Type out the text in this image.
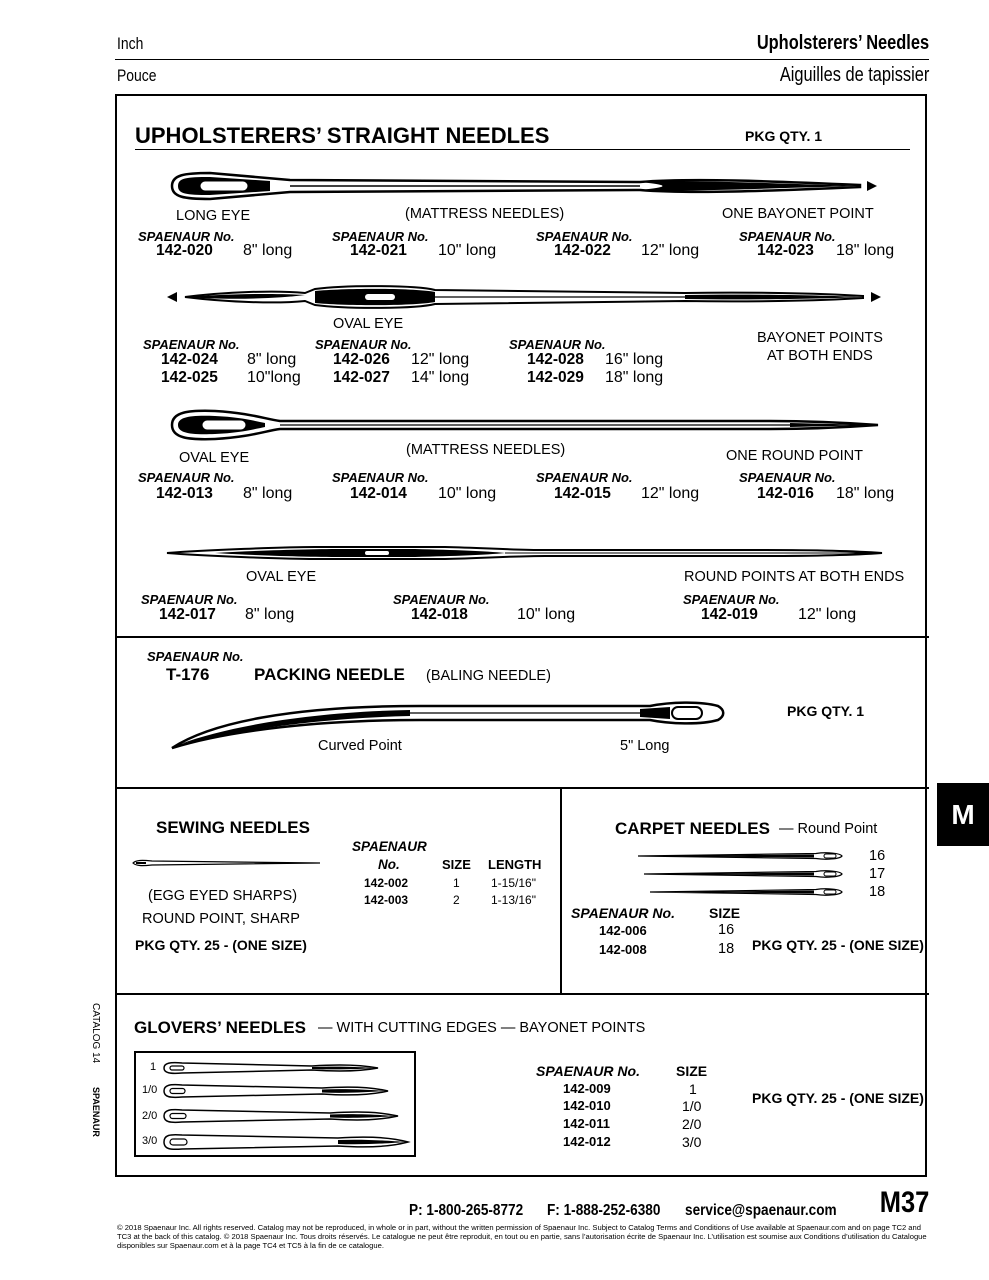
Inch
Pouce
Upholsterers’ Needles
Aiguilles de tapissier
UPHOLSTERERS’ STRAIGHT NEEDLES	PKG QTY. 1
LONG EYE	(MATTRESS NEEDLES)	ONE BAYONET POINT
SPAENAUR No.
142-020 8" long
SPAENAUR No.
142-021 10" long
SPAENAUR No.
142-022 12" long
SPAENAUR No.
142-023 18" long
OVAL EYE
BAYONET POINTS
AT BOTH ENDS
SPAENAUR No.
142-024 8" long
142-025 10"long
SPAENAUR No.
142-026 12" long
142-027 14" long
SPAENAUR No.
142-028 16" long
142-029 18" long
OVAL EYE	(MATTRESS NEEDLES)	ONE ROUND POINT
SPAENAUR No.
142-013 8" long
SPAENAUR No.
142-014 10" long
SPAENAUR No.
142-015 12" long
SPAENAUR No.
142-016 18" long
OVAL EYE	ROUND POINTS AT BOTH ENDS
SPAENAUR No.
142-017 8" long
SPAENAUR No.
142-018	10" long
SPAENAUR No.
142-019	12" long
SPAENAUR No.
T-176	PACKING NEEDLE (BALING NEEDLE)
PKG QTY. 1
Curved Point	5" Long
SEWING NEEDLES
SPAENAUR
No.	SIZE LENGTH
142-002	1	1-15/16"
142-003	2	1-13/16"
(EGG EYED SHARPS)
ROUND POINT, SHARP
PKG QTY. 25 - (ONE SIZE)
CARPET NEEDLES — Round Point
16
17
18
SPAENAUR No. SIZE
142-006	16
142-008	18 PKG QTY. 25 - (ONE SIZE)
GLOVERS’ NEEDLES — WITH CUTTING EDGES — BAYONET POINTS
1
1/0
2/0
3/0
SPAENAUR No.	SIZE
142-009	1
142-010	1/0
142-011	2/0
142-012	3/0
PKG QTY. 25 - (ONE SIZE)
M
CATALOG 14
SPAENAUR
P: 1-800-265-8772 F: 1-888-252-6380 service@spaenaur.com M37
© 2018 Spaenaur Inc. All rights reserved. Catalog may not be reproduced, in whole or in part, without the written permission of Spaenaur Inc. Subject to Catalog Terms and Conditions of Use available at Spaenaur.com and on page TC2 and TC3 at the back of this catalog. © 2018 Spaenaur Inc. Tous droits réservés. Le catalogue ne peut être reproduit, en tout ou en partie, sans l’autorisation écrite de Spaenaur Inc. L’utilisation est soumise aux Conditions d’utilisation du Catalogue disponibles sur Spaenaur.com et à la page TC4 et TC5 à la fin de ce catalogue.
